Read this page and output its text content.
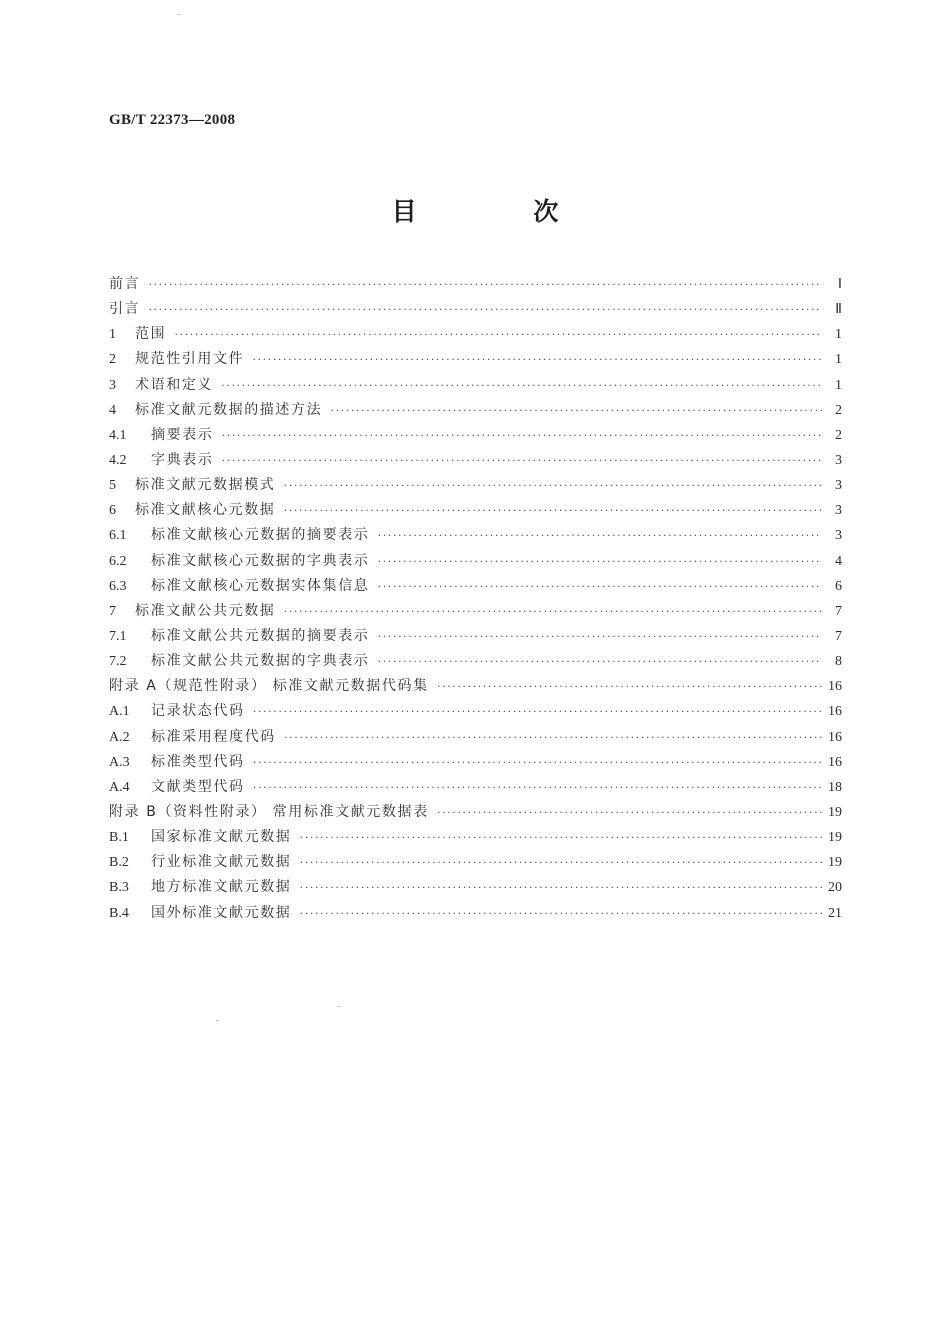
GB/T 22373—2008
目 次
前言 ·····	Ⅰ
引言 ·····	Ⅱ
1	范围 ·····	1
2	规范性引用文件 ·····	1
3	术语和定义 ·····	1
4	标准文献元数据的描述方法 ·····	2
4.1	摘要表示 ·····	2
4.2	字典表示 ·····	3
5	标准文献元数据模式 ·····	3
6	标准文献核心元数据 ·····	3
6.1	标准文献核心元数据的摘要表示 ·····	3
6.2	标准文献核心元数据的字典表示 ·····	4
6.3	标准文献核心元数据实体集信息 ·····	6
7	标准文献公共元数据 ·····	7
7.1	标准文献公共元数据的摘要表示 ·····	7
7.2	标准文献公共元数据的字典表示 ·····	8
附录 A（规范性附录） 标准文献元数据代码集 ·····	16
A.1	记录状态代码 ·····	16
A.2	标准采用程度代码 ·····	16
A.3	标准类型代码 ·····	16
A.4	文献类型代码 ·····	18
附录 B（资料性附录） 常用标准文献元数据表 ·····	19
B.1	国家标准文献元数据 ·····	19
B.2	行业标准文献元数据 ·····	19
B.3	地方标准文献元数据 ·····	20
B.4	国外标准文献元数据 ·····	21
